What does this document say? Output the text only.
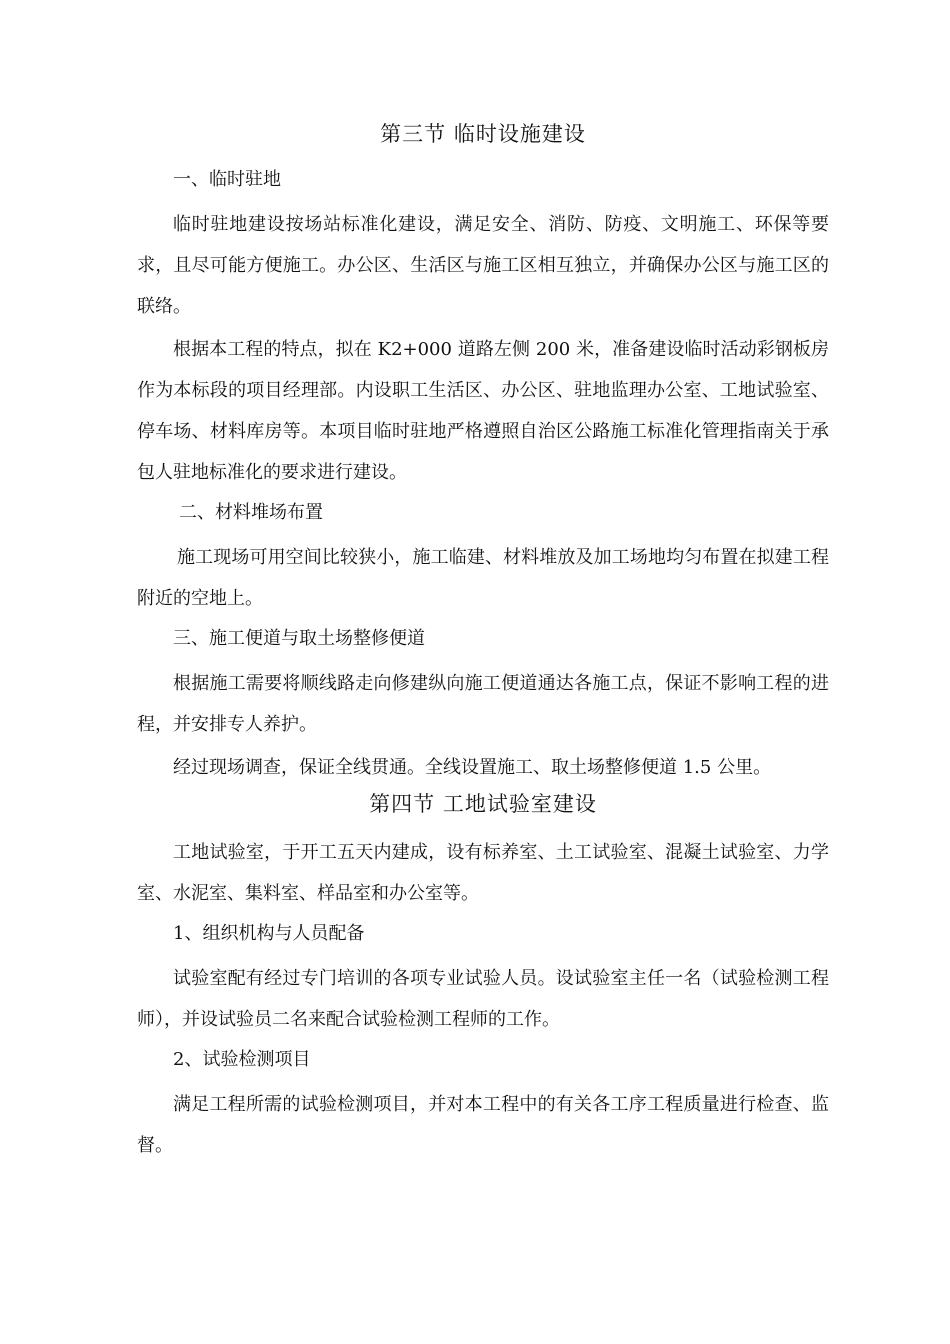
第三节 临时设施建设

一、临时驻地

临时驻地建设按场站标准化建设，满足安全、消防、防疫、文明施工、环保等要求，且尽可能方便施工。办公区、生活区与施工区相互独立，并确保办公区与施工区的联络。

根据本工程的特点，拟在 K2+000 道路左侧 200 米，准备建设临时活动彩钢板房作为本标段的项目经理部。内设职工生活区、办公区、驻地监理办公室、工地试验室、停车场、材料库房等。本项目临时驻地严格遵照自治区公路施工标准化管理指南关于承包人驻地标准化的要求进行建设。

二、材料堆场布置

施工现场可用空间比较狭小，施工临建、材料堆放及加工场地均匀布置在拟建工程附近的空地上。

三、施工便道与取土场整修便道

根据施工需要将顺线路走向修建纵向施工便道通达各施工点，保证不影响工程的进程，并安排专人养护。

经过现场调查，保证全线贯通。全线设置施工、取土场整修便道 1.5 公里。

第四节 工地试验室建设

工地试验室，于开工五天内建成，设有标养室、土工试验室、混凝土试验室、力学室、水泥室、集料室、样品室和办公室等。

1、组织机构与人员配备

试验室配有经过专门培训的各项专业试验人员。设试验室主任一名（试验检测工程师），并设试验员二名来配合试验检测工程师的工作。

2、试验检测项目

满足工程所需的试验检测项目，并对本工程中的有关各工序工程质量进行检查、监督。
